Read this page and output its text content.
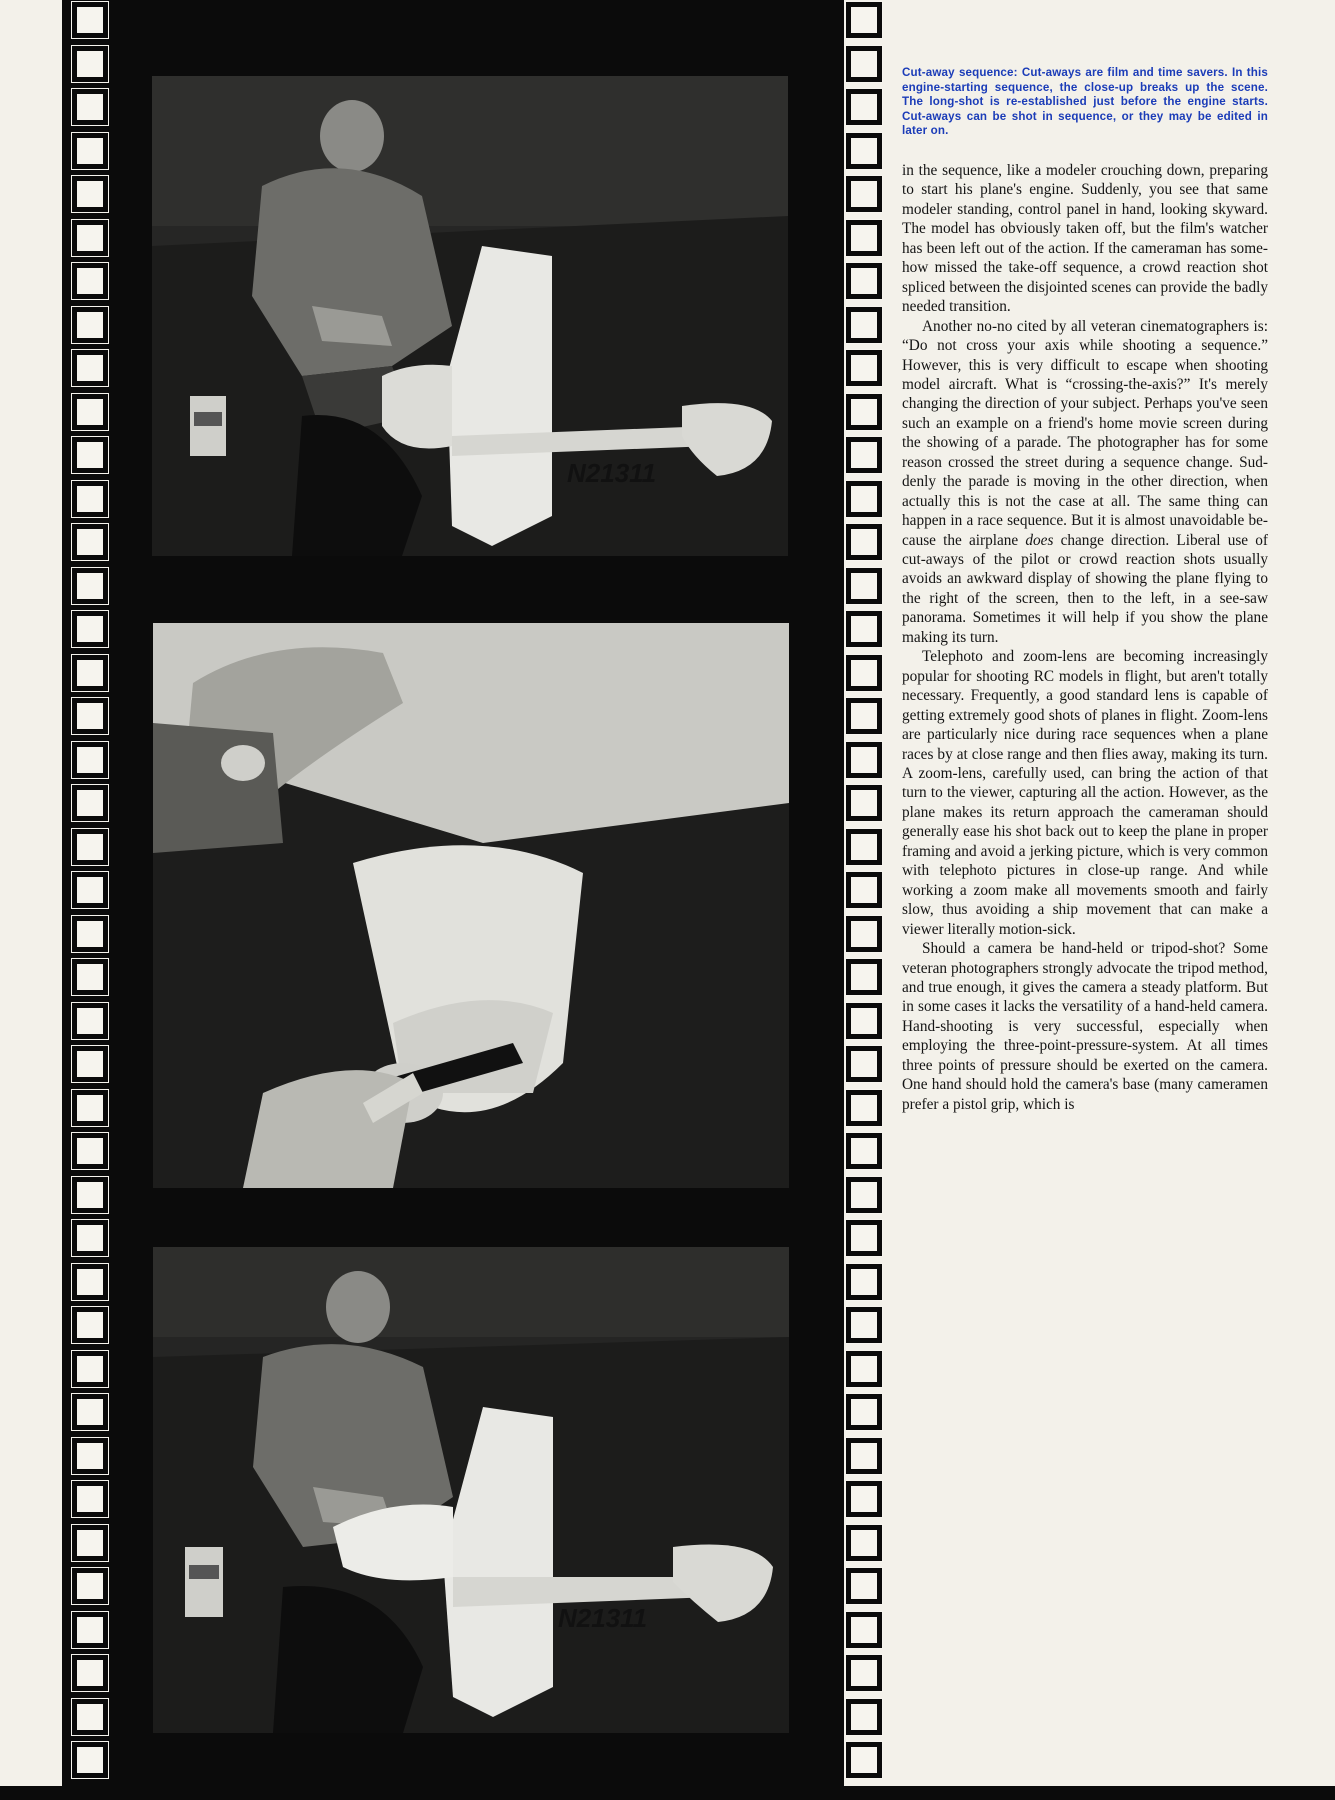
N21311
N21311

Cut-away sequence: Cut-aways are film and time savers. In this engine-starting sequence, the close-up breaks up the scene. The long-shot is re-established just before the engine starts. Cut-aways can be shot in sequence, or they may be edited in later on.

in the sequence, like a modeler crouching down, preparing to start his plane's engine. Suddenly, you see that same modeler standing, control panel in hand, looking skyward. The model has obviously taken off, but the film's watcher has been left out of the action. If the cameraman has somehow missed the take-off sequence, a crowd reaction shot spliced between the disjointed scenes can provide the badly needed transition.

Another no-no cited by all veteran cinematographers is: “Do not cross your axis while shooting a sequence.” However, this is very difficult to escape when shooting model aircraft. What is “crossing-the-axis?” It's merely changing the direction of your subject. Perhaps you've seen such an example on a friend's home movie screen during the showing of a parade. The photographer has for some reason crossed the street during a sequence change. Suddenly the parade is moving in the other direction, when actually this is not the case at all. The same thing can happen in a race sequence. But it is almost unavoidable because the airplane does change direction. Liberal use of cut-aways of the pilot or crowd reaction shots usually avoids an awkward display of showing the plane flying to the right of the screen, then to the left, in a see-saw panorama. Sometimes it will help if you show the plane making its turn.

Telephoto and zoom-lens are becoming increasingly popular for shooting RC models in flight, but aren't totally necessary. Frequently, a good standard lens is capable of getting extremely good shots of planes in flight. Zoom-lens are particularly nice during race sequences when a plane races by at close range and then flies away, making its turn. A zoom-lens, carefully used, can bring the action of that turn to the viewer, capturing all the action. However, as the plane makes its return approach the cameraman should generally ease his shot back out to keep the plane in proper framing and avoid a jerking picture, which is very common with telephoto pictures in close-up range. And while working a zoom make all movements smooth and fairly slow, thus avoiding a ship movement that can make a viewer literally motion-sick.

Should a camera be hand-held or tripod-shot? Some veteran photographers strongly advocate the tripod method, and true enough, it gives the camera a steady platform. But in some cases it lacks the versatility of a hand-held camera. Hand-shooting is very successful, especially when employing the three-point-pressure-system. At all times three points of pressure should be exerted on the camera. One hand should hold the camera's base (many cameramen prefer a pistol grip, which is
